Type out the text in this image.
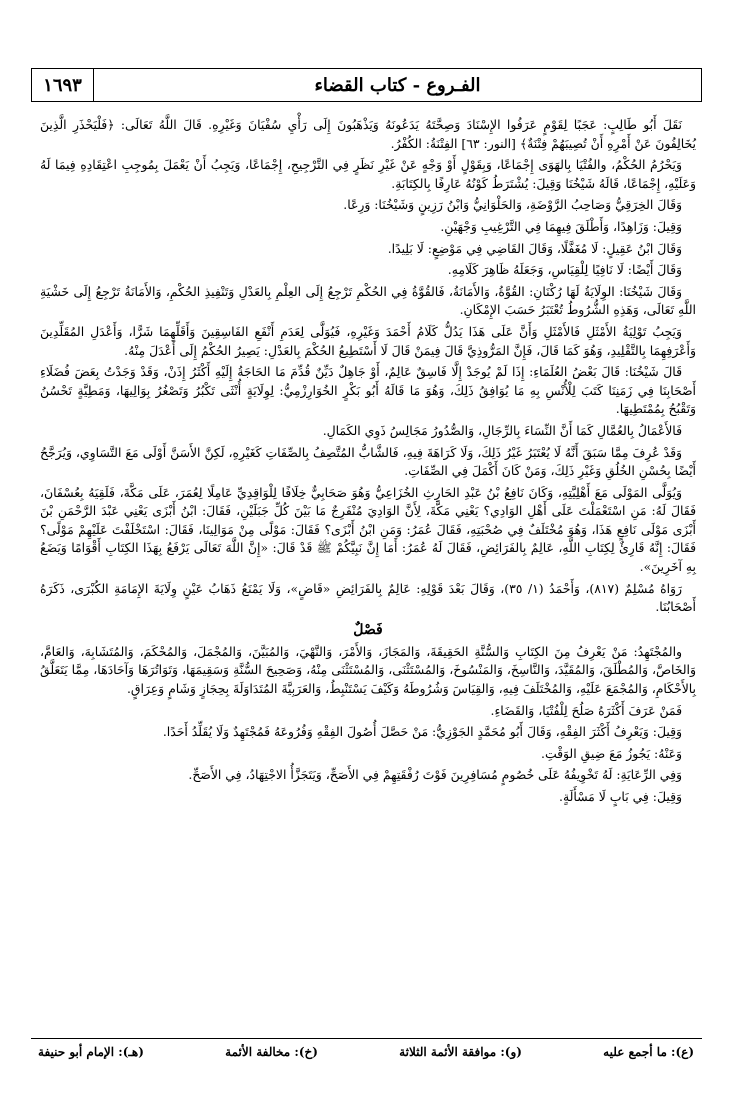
١٦٩٣	الفـروع - كتاب القضاء

نَقَلَ أَبُو طَالِبٍ: عَجَبًا لِقَوْمٍ عَرَفُوا الإِسْنَادَ وَصِحَّتَهُ يَدَعُونَهُ وَيَذْهَبُونَ إِلَى رَأْيِ سُفْيَانَ وَغَيْرِهِ. قَالَ اللَّهُ تَعَالَى: ﴿فَلْيَحْذَرِ الَّذِينَ يُخَالِفُونَ عَنْ أَمْرِهِ أَنْ تُصِيبَهُمْ فِتْنَةٌ﴾ [النور: ٦٣] الفِتْنَةُ: الكُفْرُ.

وَيَحْرُمُ الحُكْمُ، والفُتْيَا بِالهَوَى إِجْمَاعًا، وَبِقَوْلٍ أَوْ وَجْهٍ عَنْ غَيْرِ نَظَرٍ فِي التَّرْجِيحِ، إِجْمَاعًا، وَيَجِبُ أَنْ يَعْمَلَ بِمُوجِبِ اعْتِقَادِهِ فِيمَا لَهُ وَعَلَيْهِ، إِجْمَاعًا، قَالَهُ شَيْخُنَا وَقِيلَ: يُشْتَرَطُ كَوْنُهُ عَارِفًا بِالكِتَابَةِ.

وَقَالَ الخِرَقِيُّ وَصَاحِبُ الرَّوْضَةِ، وَالحَلْوَانِيُّ وَابْنُ رَزِينٍ وَشَيْخُنَا: وَرِعًا.

وَقِيلَ: وَزَاهِدًا، وَأَطْلَقَ فِيهِمَا فِي التَّرْغِيبِ وَجْهَيْنِ.

وَقَالَ ابْنُ عَقِيلٍ: لَا مُغَفَّلًا، وَقَالَ القَاضِي فِي مَوْضِعٍ: لَا بَلِيدًا.

وَقَالَ أَيْضًا: لَا نَافِيًا لِلْقِيَاسِ، وَجَعَلَهُ ظَاهِرَ كَلَامِهِ.

وَقَالَ شَيْخُنَا: الوِلَايَةُ لَهَا رُكْنَانِ: القُوَّةُ، وَالأَمَانَةُ، فَالقُوَّةُ فِي الحُكْمِ تَرْجِعُ إِلَى العِلْمِ بِالعَدْلِ وَتَنْفِيذِ الحُكْمِ، وَالأَمَانَةُ تَرْجِعُ إِلَى خَشْيَةِ اللَّهِ تَعَالَى، وَهَذِهِ الشُّرُوطُ تُعْتَبَرُ حَسَبَ الإِمْكَانِ.

وَيَجِبُ تَوْلِيَةُ الأَمْثَلِ فَالأَمْثَلِ وَأَنَّ عَلَى هَذَا يَدُلُّ كَلَامُ أَحْمَدَ وَغَيْرِهِ، فَيُوَلَّى لِعَدَمِ أَنْفَعِ الفَاسِقِينَ وَأَقَلِّهِمَا شَرًّا، وَأَعْدَلِ المُقَلِّدِينَ وَأَعْرَفِهِمَا بِالتَّقْلِيدِ، وَهُوَ كَمَا قَالَ، فَإِنَّ المَرُّوذِيَّ قَالَ فِيمَنْ قَالَ لَا أَسْتَطِيعُ الحُكْمَ بِالعَدْلِ: يَصِيرُ الحُكْمُ إِلَى أَعْدَلَ مِنْهُ.

قَالَ شَيْخُنَا: قَالَ بَعْضُ العُلَمَاءِ: إِذَا لَمْ يُوجَدْ إِلَّا فَاسِقٌ عَالِمٌ، أَوْ جَاهِلٌ دَيِّنٌ قُدِّمَ مَا الحَاجَةُ إِلَيْهِ أَكْثَرُ إِذَنْ، وَقَدْ وَجَدْتُ بِعَضَ فُضَلَاءِ أَصْحَابِنَا فِي زَمَنِنَا كَتَبَ لِلْأُنْسِ بِهِ مَا يُوَافِقُ ذَلِكَ، وَهُوَ مَا قَالَهُ أَبُو بَكْرٍ الخُوَارِزْمِيُّ: لِوِلَايَةٍ أُنْثَى تَكْبُرُ وَتَصْغُرُ بِوَالِيهَا، وَمَطِيَّةٍ تَحْسُنُ وَتَقْبُحُ بِمُمْتَطِيهَا.

فَالأَعْمَالُ بِالعُمَّالِ كَمَا أَنَّ النِّسَاءَ بِالرِّجَالِ، وَالصُّدُورُ مَجَالِسُ ذَوِي الكَمَالِ.

وَقَدْ عُرِفَ مِمَّا سَبَقَ أَنَّهُ لَا يُعْتَبَرُ غَيْرُ ذَلِكَ، وَلَا كَرَاهَةَ فِيهِ، فَالشَّابُّ المُتَّصِفُ بِالصِّفَاتِ كَغَيْرِهِ، لَكِنَّ الأَسَنَّ أَوْلَى مَعَ التَّسَاوِي، وَيُرَجَّحُ أَيْضًا بِحُسْنِ الخُلُقِ وَغَيْرِ ذَلِكَ، وَمَنْ كَانَ أَكْمَلَ فِي الصِّفَاتِ.

وَيُوَلَّى المَوْلَى مَعَ أَهْلِيَّتِهِ، وَكَانَ نَافِعُ بْنُ عَبْدِ الحَارِثِ الخُزَاعِيُّ وَهُوَ صَحَابِيٌّ خِلَافًا لِلْوَاقِدِيِّ عَامِلًا لِعُمَرَ، عَلَى مَكَّةَ، فَلَقِيَهُ بِعُسْفَانَ، فَقَالَ لَهُ: مَنِ اسْتَعْمَلْتَ عَلَى أَهْلِ الوَادِي؟ يَعْنِي مَكَّةَ، لِأَنَّ الوَادِيَ مُنْفَرِجٌ مَا بَيْنَ كُلِّ جَبَلَيْنِ، فَقَالَ: ابْنُ أَبْزَى يَعْنِي عَبْدَ الرَّحْمَنِ بْنَ أَبْزَى مَوْلَى نَافِعٍ هَذَا، وَهُوَ مُخْتَلَفٌ فِي صُحْبَتِهِ، فَقَالَ عُمَرُ: وَمَنِ ابْنُ أَبْزَى؟ فَقَالَ: مَوْلًى مِنْ مَوَالِينَا، فَقَالَ: اسْتَخْلَفْتَ عَلَيْهِمْ مَوْلًى؟ فَقَالَ: إِنَّهُ قَارِئٌ لِكِتَابِ اللَّهِ، عَالِمٌ بِالفَرَائِضِ، فَقَالَ لَهُ عُمَرُ: أَمَا إِنَّ نَبِيَّكُمْ ﷺ قَدْ قَالَ: «إِنَّ اللَّهَ تَعَالَى يَرْفَعُ بِهَذَا الكِتَابِ أَقْوَامًا وَيَضَعُ بِهِ آخَرِينَ».

رَوَاهُ مُسْلِمٌ (٨١٧)، وَأَحْمَدُ (١/ ٣٥)، وَقَالَ بَعْدَ قَوْلِهِ: عَالِمٌ بِالفَرَائِضِ «قَاضٍ»، وَلَا يَمْنَعُ ذَهَابُ عَيْنٍ وِلَايَةَ الإِمَامَةِ الكُبْرَى، ذَكَرَهُ أَصْحَابُنَا.

فَصْلٌ

والمُجْتَهِدُ: مَنْ يَعْرِفُ مِنَ الكِتَابِ وَالسُّنَّةِ الحَقِيقَةَ، وَالمَجَازَ، وَالأَمْرَ، وَالنَّهْيَ، وَالمُبَيَّنَ، وَالمُجْمَلَ، وَالمُحْكَمَ، وَالمُتَشَابِهَ، وَالعَامَّ، وَالخَاصَّ، وَالمُطْلَقَ، وَالمُقَيَّدَ، وَالنَّاسِخَ، وَالمَنْسُوخَ، وَالمُسْتَثْنَى، وَالمُسْتَثْنَى مِنْهُ، وَصَحِيحَ السُّنَّةِ وَسَقِيمَهَا، وَتَوَاتُرَهَا وَآحَادَهَا، مِمَّا يَتَعَلَّقُ بِالأَحْكَامِ، وَالمُجْمَعَ عَلَيْهِ، وَالمُخْتَلَفَ فِيهِ، وَالقِيَاسَ وَشُرُوطَهُ وَكَيْفَ يَسْتَنْبِطُ، وَالعَرَبِيَّةَ المُتَدَاوَلَةَ بِحِجَازٍ وَشَامٍ وَعِرَاقٍ.

فَمَنْ عَرَفَ أَكْثَرَهُ صَلُحَ لِلْفُتْيَا، وَالقَضَاءِ.

وَقِيلَ: وَيَعْرِفُ أَكْثَرَ الفِقْهِ، وَقَالَ أَبُو مُحَمَّدٍ الجَوْزِيُّ: مَنْ حَصَّلَ أُصُولَ الفِقْهِ وَفُرُوعَهُ فَمُجْتَهِدٌ وَلَا يُقَلِّدُ أَحَدًا.

وَعَنْهُ: يَجُوزُ مَعَ ضِيقِ الوَقْتِ.

وَفِي الرِّعَايَةِ: لَهُ تَخْوِيفُهُ عَلَى خُصُومٍ مُسَافِرِينَ فَوْتَ رُفْقَتِهِمْ فِي الأَصَحِّ، وَيَتَجَزَّأُ الاجْتِهَادُ، فِي الأَصَحِّ.

وَقِيلَ: فِي بَابٍ لَا مَسْأَلَةٍ.

(ع): ما أجمع عليه
(و): موافقة الأئمة الثلاثة
(خ): مخالفة الأئمة
(هـ): الإمام أبو حنيفة
